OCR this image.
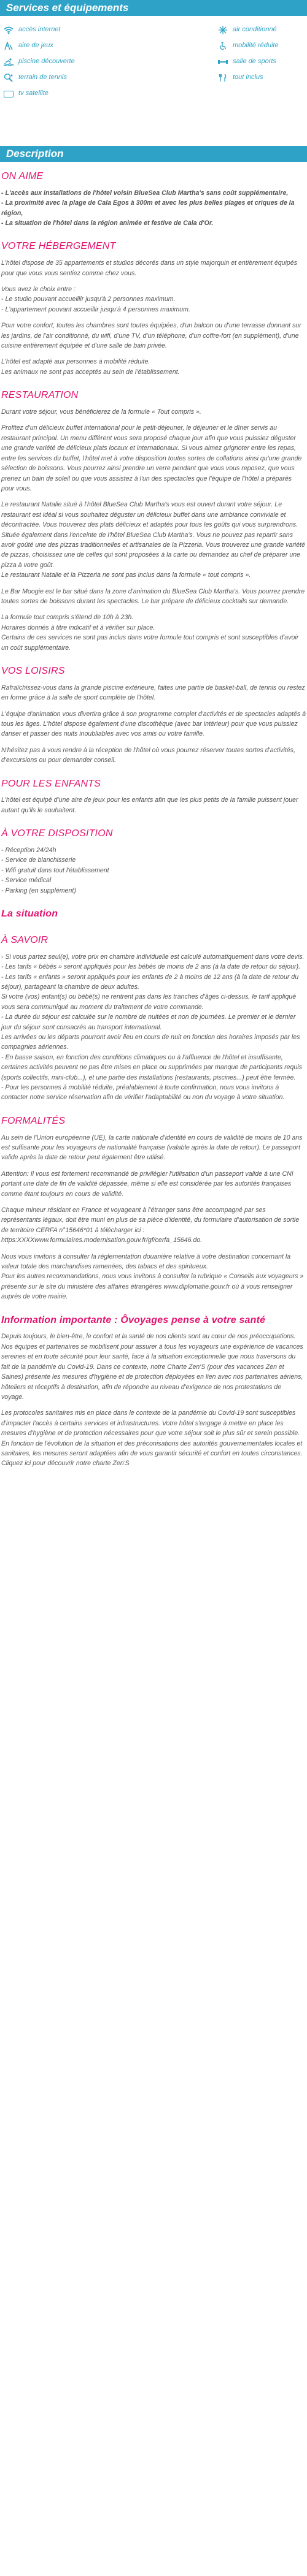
Services et équipements
accès internet
aire de jeux
piscine découverte
terrain de tennis
tv satellite
air conditionné
mobilité réduite
salle de sports
tout inclus
Description
ON AIME

- L'accès aux installations de l'hôtel voisin BlueSea Club Martha's sans coût supplémentaire,
- La proximité avec la plage de Cala Egos à 300m et avec les plus belles plages et criques de la région,
- La situation de l'hôtel dans la région animée et festive de Cala d'Or.

VOTRE HÉBERGEMENT

L'hôtel dispose de 35 appartements et studios décorés dans un style majorquin et entièrement équipés pour que vous vous sentiez comme chez vous.

Vous avez le choix entre :
- Le studio pouvant accueillir jusqu'à 2 personnes maximum.
- L'appartement pouvant accueillir jusqu'à 4 personnes maximum.

Pour votre confort, toutes les chambres sont toutes équipées, d'un balcon ou d'une terrasse donnant sur les jardins, de l'air conditionné, du wifi, d'une TV, d'un téléphone, d'un coffre-fort (en supplément), d'une cuisine entièrement équipée et d'une salle de bain privée.

L'hôtel est adapté aux personnes à mobilité réduite.
Les animaux ne sont pas acceptés au sein de l'établissement.

RESTAURATION

Durant votre séjour, vous bénéficierez de la formule « Tout compris ».

Profitez d'un délicieux buffet international pour le petit-déjeuner, le déjeuner et le dîner servis au restaurant principal. Un menu différent vous sera proposé chaque jour afin que vous puissiez déguster une grande variété de délicieux plats locaux et internationaux. Si vous aimez grignoter entre les repas, entre les services du buffet, l'hôtel met à votre disposition toutes sortes de collations ainsi qu'une grande sélection de boissons. Vous pourrez ainsi prendre un verre pendant que vous vous reposez, que vous prenez un bain de soleil ou que vous assistez à l'un des spectacles que l'équipe de l'hôtel a préparés pour vous.

Le restaurant Natalie situé à l'hôtel BlueSea Club Martha's vous est ouvert durant votre séjour. Le restaurant est idéal si vous souhaitez déguster un délicieux buffet dans une ambiance conviviale et décontractée. Vous trouverez des plats délicieux et adaptés pour tous les goûts qui vous surprendrons. Située également dans l'enceinte de l'hôtel BlueSea Club Martha's. Vous ne pouvez pas repartir sans avoir goûté une des pizzas traditionnelles et artisanales de la Pizzeria. Vous trouverez une grande variété de pizzas, choisissez une de celles qui sont proposées à la carte ou demandez au chef de préparer une pizza à votre goût.
Le restaurant Natalie et la Pizzeria ne sont pas inclus dans la formule « tout compris ».

Le Bar Moogie est le bar situé dans la zone d'animation du BlueSea Club Martha's. Vous pourrez prendre toutes sortes de boissons durant les spectacles. Le bar prépare de délicieux cocktails sur demande.

La formule tout compris s'étend de 10h à 23h.
Horaires donnés à titre indicatif et à vérifier sur place.
Certains de ces services ne sont pas inclus dans votre formule tout compris et sont susceptibles d'avoir un coût supplémentaire.

VOS LOISIRS

Rafraîchissez-vous dans la grande piscine extérieure, faites une partie de basket-ball, de tennis ou restez en forme grâce à la salle de sport complète de l'hôtel.

L'équipe d'animation vous divertira grâce à son programme complet d'activités et de spectacles adaptés à tous les âges. L'hôtel dispose également d'une discothèque (avec bar intérieur) pour que vous puissiez danser et passer des nuits inoubliables avec vos amis ou votre famille.

N'hésitez pas à vous rendre à la réception de l'hôtel où vous pourrez réserver toutes sortes d'activités, d'excursions ou pour demander conseil.

POUR LES ENFANTS

L'hôtel est équipé d'une aire de jeux pour les enfants afin que les plus petits de la famille puissent jouer autant qu'ils le souhaitent.

À VOTRE DISPOSITION

- Réception 24/24h
- Service de blanchisserie
- Wifi gratuit dans tout l'établissement
- Service médical
- Parking (en supplément)

La situation
À SAVOIR

- Si vous partez seul(e), votre prix en chambre individuelle est calculé automatiquement dans votre devis.
- Les tarifs « bébés » seront appliqués pour les bébés de moins de 2 ans (à la date de retour du séjour).
- Les tarifs « enfants » seront appliqués pour les enfants de 2 à moins de 12 ans (à la date de retour du séjour), partageant la chambre de deux adultes.
Si votre (vos) enfant(s) ou bébé(s) ne rentrent pas dans les tranches d'âges ci-dessus, le tarif appliqué vous sera communiqué au moment du traitement de votre commande.
- La durée du séjour est calculée sur le nombre de nuitées et non de journées. Le premier et le dernier jour du séjour sont consacrés au transport international.
Les arrivées ou les départs pourront avoir lieu en cours de nuit en fonction des horaires imposés par les compagnies aériennes.
- En basse saison, en fonction des conditions climatiques ou à l'affluence de l'hôtel et insuffisante, certaines activités peuvent ne pas être mises en place ou supprimées par manque de participants requis (sports collectifs, mini-club...), et une partie des installations (restaurants, piscines...) peut être fermée.
- Pour les personnes à mobilité réduite, préalablement à toute confirmation, nous vous invitons à contacter notre service réservation afin de vérifier l'adaptabilité ou non du voyage à votre situation.

FORMALITÉS

Au sein de l'Union européenne (UE), la carte nationale d'identité en cours de validité de moins de 10 ans est suffisante pour les voyageurs de nationalité française (valable après la date de retour). Le passeport valide après la date de retour peut également être utilisé.

Attention: Il vous est fortement recommandé de privilégier l'utilisation d'un passeport valide à une CNI portant une date de fin de validité dépassée, même si elle est considérée par les autorités françaises comme étant toujours en cours de validité.

Chaque mineur résidant en France et voyageant à l'étranger sans être accompagné par ses représentants légaux, doit être muni en plus de sa pièce d'identité, du formulaire d'autorisation de sortie de territoire CERFA n°15646*01 à télécharger ici :
https:XXXXwww.formulaires.modernisation.gouv.fr/gf/cerfa_15646.do.

Nous vous invitons à consulter la réglementation douanière relative à votre destination concernant la valeur totale des marchandises ramenées, des tabacs et des spiritueux.
Pour les autres recommandations, nous vous invitons à consulter la rubrique « Conseils aux voyageurs » présente sur le site du ministère des affaires étrangères www.diplomatie.gouv.fr où à vous renseigner auprès de votre mairie.

Information importante : Ôvoyages pense à votre santé

Depuis toujours, le bien-être, le confort et la santé de nos clients sont au cœur de nos préoccupations. Nos équipes et partenaires se mobilisent pour assurer à tous les voyageurs une expérience de vacances sereines et en toute sécurité pour leur santé, face à la situation exceptionnelle que nous traversons du fait de la pandémie du Covid-19. Dans ce contexte, notre Charte Zen'S (pour des vacances Zen et Saines) présente les mesures d'hygiène et de protection déployées en lien avec nos partenaires aériens, hôteliers et réceptifs à destination, afin de répondre au niveau d'exigence de nos protestations de voyage.

Les protocoles sanitaires mis en place dans le contexte de la pandémie du Covid-19 sont susceptibles d'impacter l'accès à certains services et infrastructures. Votre hôtel s'engage à mettre en place les mesures d'hygiène et de protection nécessaires pour que votre séjour soit le plus sûr et serein possible. En fonction de l'évolution de la situation et des préconisations des autorités gouvernementales locales et sanitaires, les mesures seront adaptées afin de vous garantir sécurité et confort en toutes circonstances.
Cliquez ici pour découvrir notre charte Zen'S
